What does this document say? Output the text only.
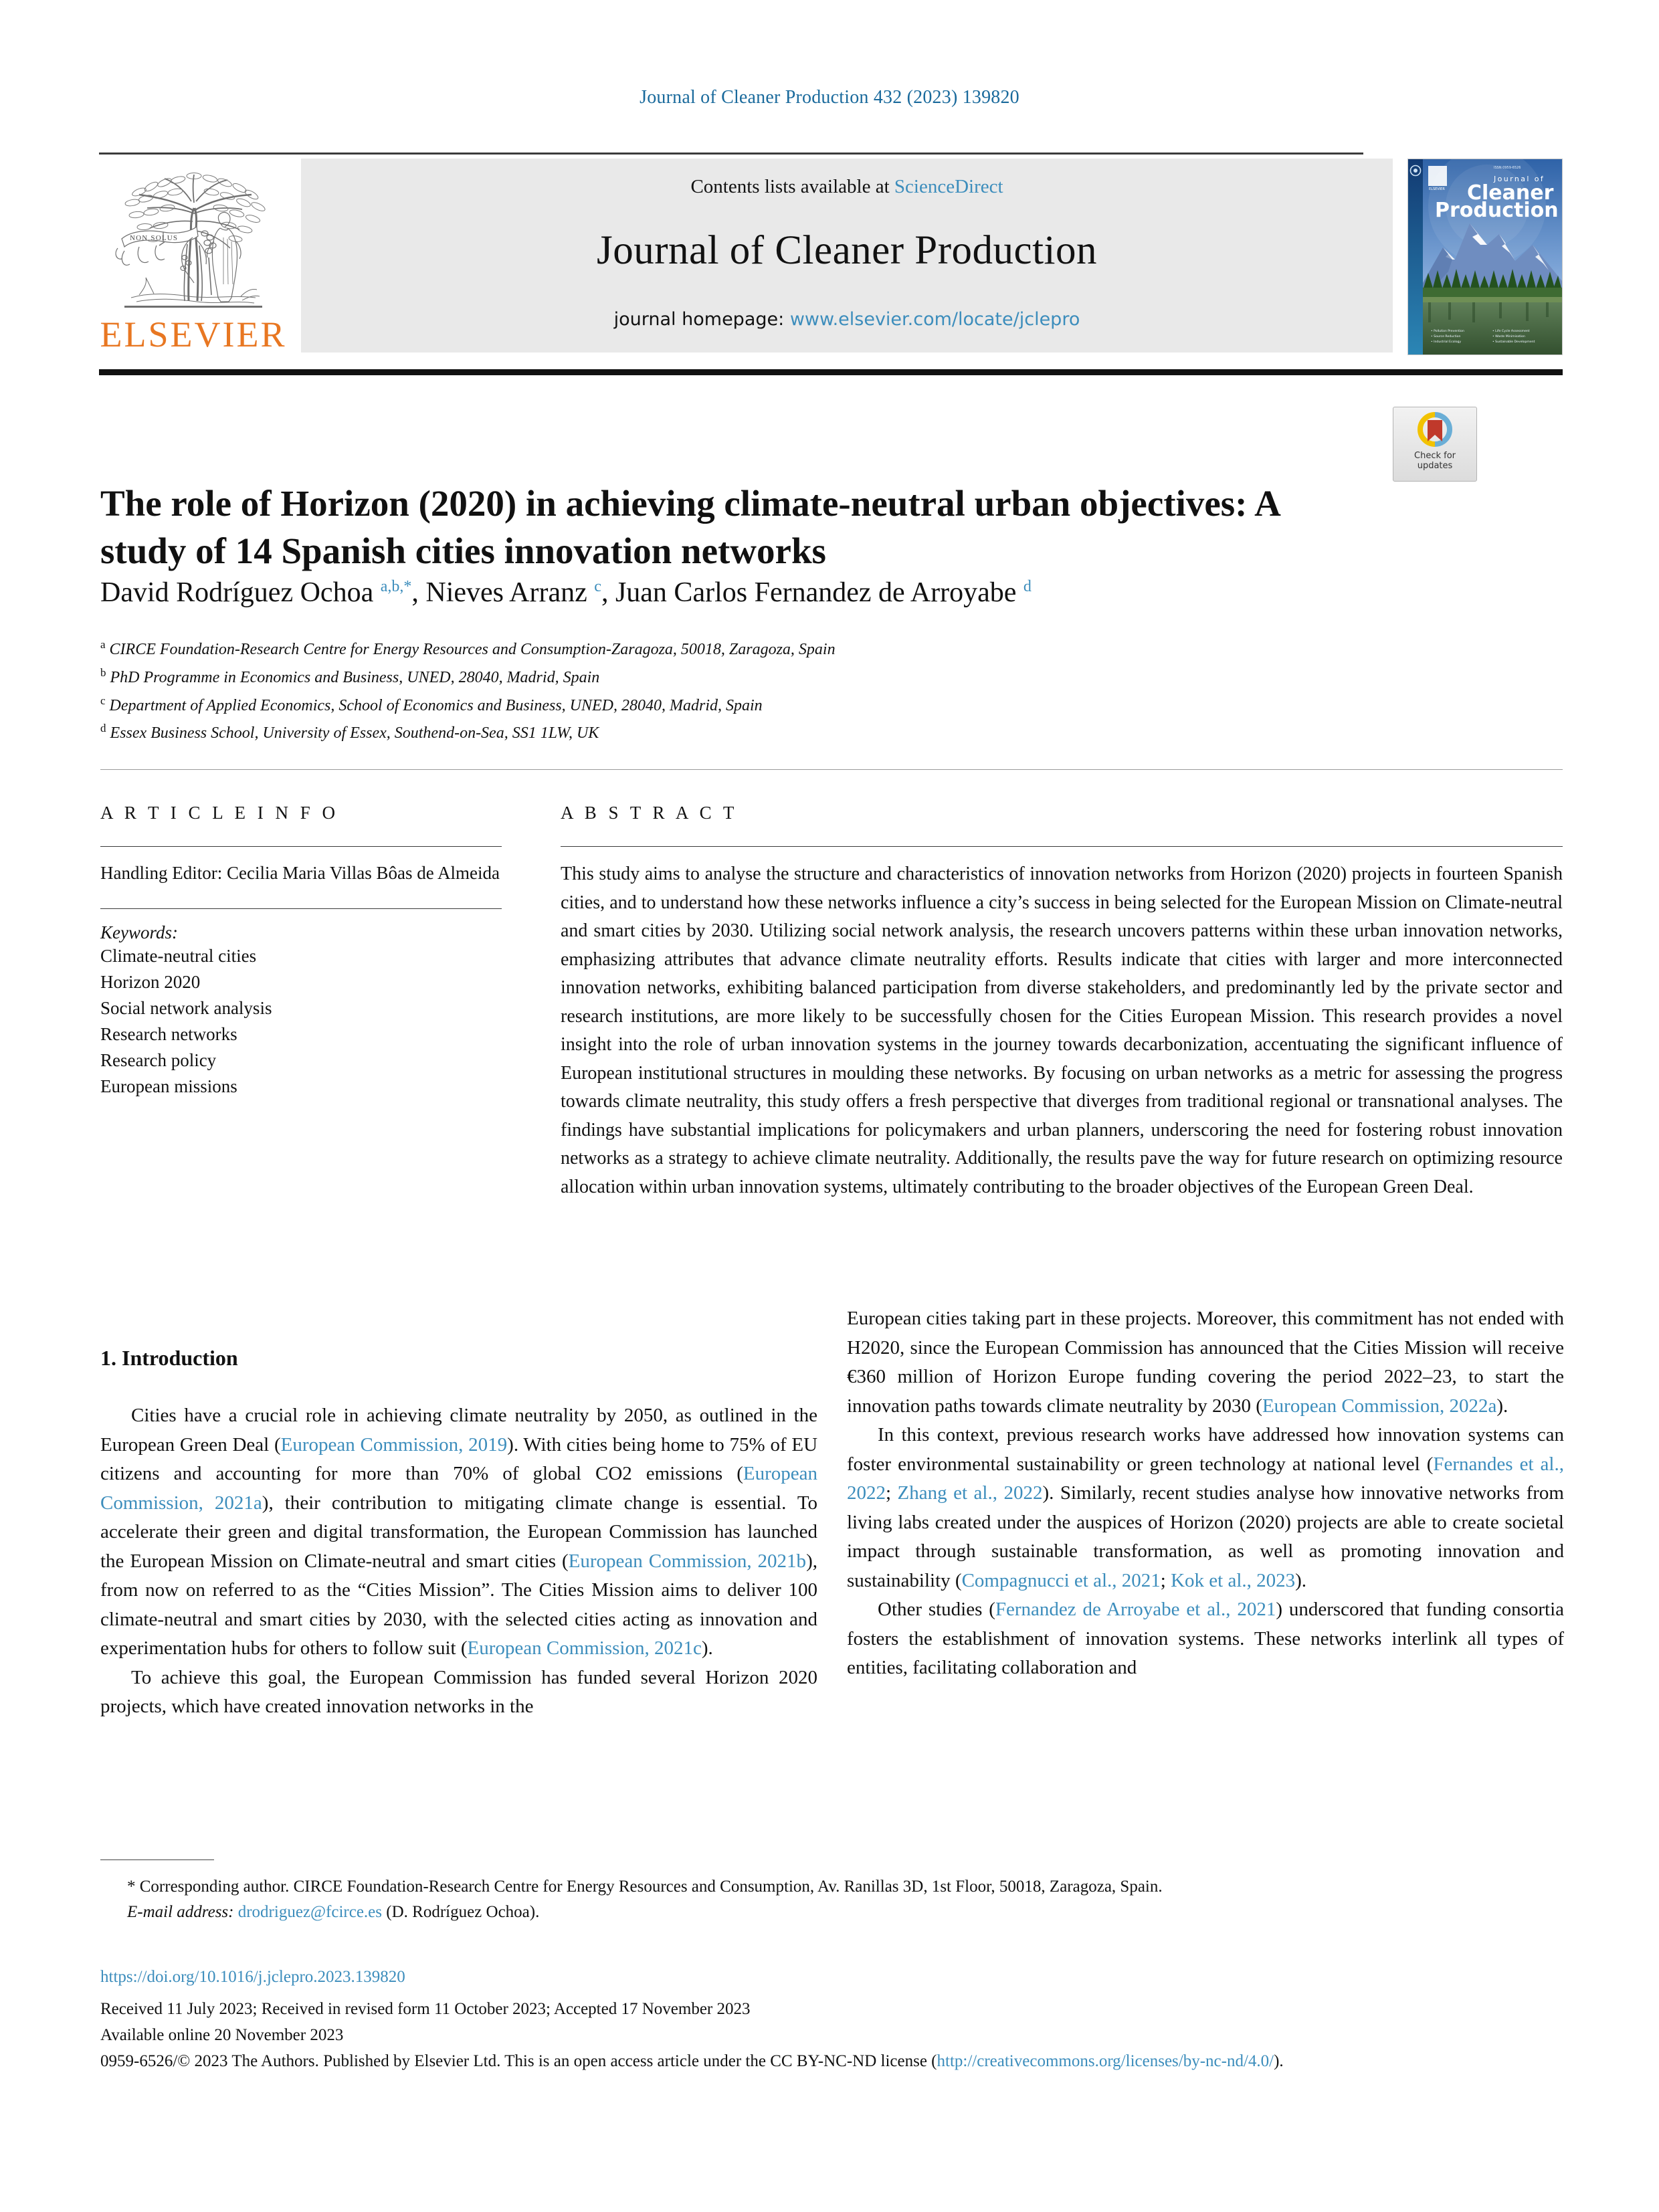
Journal of Cleaner Production 432 (2023) 139820
NON SOLUS
ELSEVIER
Contents lists available at ScienceDirect
Journal of Cleaner Production
journal homepage: www.elsevier.com/locate/jclepro
ELSEVIER
ISSN 0959-6526
Journal of
Cleaner
Production
• Pollution Prevention
• Source Reduction
• Industrial Ecology
• Life Cycle Assessment
• Waste Minimisation
• Sustainable Development
Check for
updates
The role of Horizon (2020) in achieving climate-neutral urban objectives: A study of 14 Spanish cities innovation networks
David Rodríguez Ochoa $^{a,b,*}$, Nieves Arranz $^c$, Juan Carlos Fernandez de Arroyabe $^d$
$^a$ CIRCE Foundation-Research Centre for Energy Resources and Consumption-Zaragoza, 50018, Zaragoza, Spain
$^b$ PhD Programme in Economics and Business, UNED, 28040, Madrid, Spain
$^c$ Department of Applied Economics, School of Economics and Business, UNED, 28040, Madrid, Spain
$^d$ Essex Business School, University of Essex, Southend-on-Sea, SS1 1LW, UK
A R T I C L E I N F O
Handling Editor: Cecilia Maria Villas Bôas de Almeida
Keywords:
Climate-neutral cities
Horizon 2020
Social network analysis
Research networks
Research policy
European missions
A B S T R A C T
This study aims to analyse the structure and characteristics of innovation networks from Horizon (2020) projects in fourteen Spanish cities, and to understand how these networks influence a city’s success in being selected for the European Mission on Climate-neutral and smart cities by 2030. Utilizing social network analysis, the research uncovers patterns within these urban innovation networks, emphasizing attributes that advance climate neutrality efforts. Results indicate that cities with larger and more interconnected innovation networks, exhibiting balanced participation from diverse stakeholders, and predominantly led by the private sector and research institutions, are more likely to be successfully chosen for the Cities European Mission. This research provides a novel insight into the role of urban innovation systems in the journey towards decarbonization, accentuating the significant influence of European institutional structures in moulding these networks. By focusing on urban networks as a metric for assessing the progress towards climate neutrality, this study offers a fresh perspective that diverges from traditional regional or transnational analyses. The findings have substantial implications for policymakers and urban planners, underscoring the need for fostering robust innovation networks as a strategy to achieve climate neutrality. Additionally, the results pave the way for future research on optimizing resource allocation within urban innovation systems, ultimately contributing to the broader objectives of the European Green Deal.
1. Introduction

Cities have a crucial role in achieving climate neutrality by 2050, as outlined in the European Green Deal (European Commission, 2019). With cities being home to 75% of EU citizens and accounting for more than 70% of global CO2 emissions (European Commission, 2021a), their contribution to mitigating climate change is essential. To accelerate their green and digital transformation, the European Commission has launched the European Mission on Climate-neutral and smart cities (European Commission, 2021b), from now on referred to as the “Cities Mission”. The Cities Mission aims to deliver 100 climate-neutral and smart cities by 2030, with the selected cities acting as innovation and experimentation hubs for others to follow suit (European Commission, 2021c).

To achieve this goal, the European Commission has funded several Horizon 2020 projects, which have created innovation networks in the

European cities taking part in these projects. Moreover, this commitment has not ended with H2020, since the European Commission has announced that the Cities Mission will receive €360 million of Horizon Europe funding covering the period 2022–23, to start the innovation paths towards climate neutrality by 2030 (European Commission, 2022a).

In this context, previous research works have addressed how innovation systems can foster environmental sustainability or green technology at national level (Fernandes et al., 2022; Zhang et al., 2022). Similarly, recent studies analyse how innovative networks from living labs created under the auspices of Horizon (2020) projects are able to create societal impact through sustainable transformation, as well as promoting innovation and sustainability (Compagnucci et al., 2021; Kok et al., 2023).

Other studies (Fernandez de Arroyabe et al., 2021) underscored that funding consortia fosters the establishment of innovation systems. These networks interlink all types of entities, facilitating collaboration and

* Corresponding author. CIRCE Foundation-Research Centre for Energy Resources and Consumption, Av. Ranillas 3D, 1st Floor, 50018, Zaragoza, Spain.
E-mail address: drodriguez@fcirce.es (D. Rodríguez Ochoa).
https://doi.org/10.1016/j.jclepro.2023.139820
Received 11 July 2023; Received in revised form 11 October 2023; Accepted 17 November 2023
Available online 20 November 2023
0959-6526/© 2023 The Authors. Published by Elsevier Ltd. This is an open access article under the CC BY-NC-ND license (http://creativecommons.org/licenses/by-nc-nd/4.0/).
